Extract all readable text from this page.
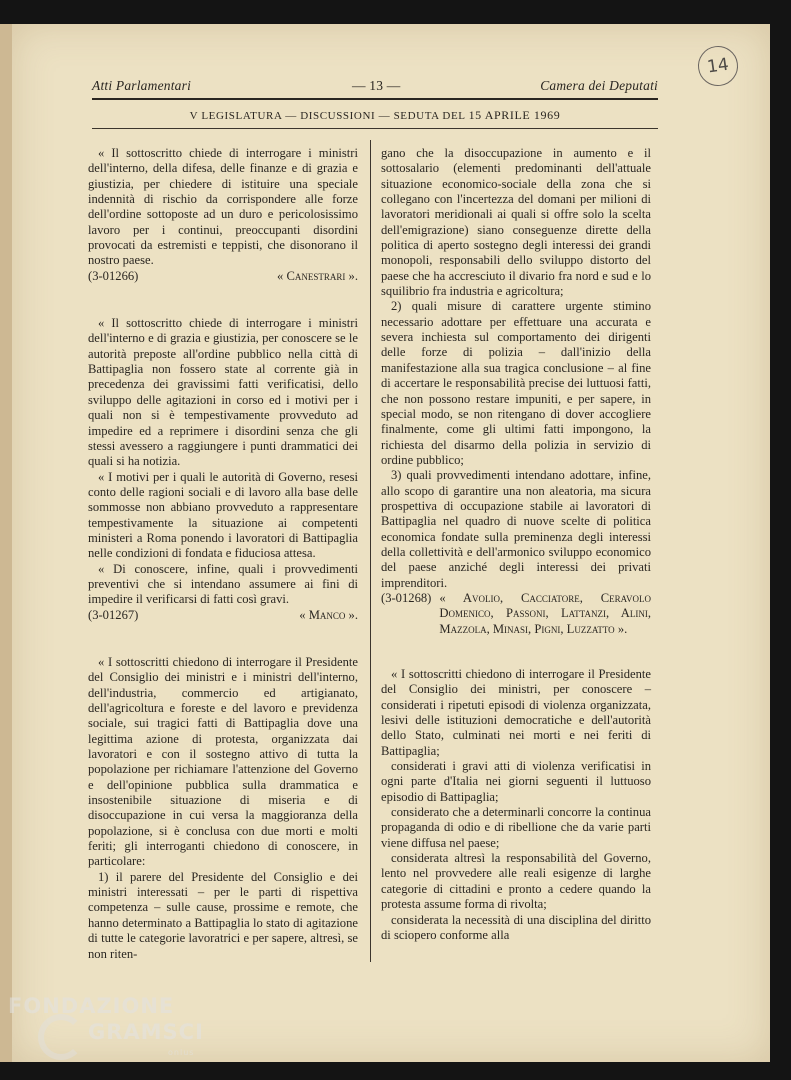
14
Atti Parlamentari	— 13 —	Camera dei Deputati
V LEGISLATURA — DISCUSSIONI — SEDUTA DEL 15 APRILE 1969

« Il sottoscritto chiede di interrogare i ministri dell'interno, della difesa, delle finanze e di grazia e giustizia, per chiedere di istituire una speciale indennità di rischio da corrispondere alle forze dell'ordine sottoposte ad un duro e pericolosissimo lavoro per i continui, preoccupanti disordini provocati da estremisti e teppisti, che disonorano il nostro paese.

(3-01266)	« Canestrari ».

« Il sottoscritto chiede di interrogare i ministri dell'interno e di grazia e giustizia, per conoscere se le autorità preposte all'ordine pubblico nella città di Battipaglia non fossero state al corrente già in precedenza dei gravissimi fatti verificatisi, dello sviluppo delle agitazioni in corso ed i motivi per i quali non si è tempestivamente provveduto ad impedire ed a reprimere i disordini senza che gli stessi avessero a raggiungere i punti drammatici dei quali si ha notizia.

« I motivi per i quali le autorità di Governo, resesi conto delle ragioni sociali e di lavoro alla base delle sommosse non abbiano provveduto a rappresentare tempestivamente la situazione ai competenti ministeri a Roma ponendo i lavoratori di Battipaglia nelle condizioni di fondata e fiduciosa attesa.

« Di conoscere, infine, quali i provvedimenti preventivi che si intendano assumere ai fini di impedire il verificarsi di fatti così gravi.

(3-01267)	« Manco ».

« I sottoscritti chiedono di interrogare il Presidente del Consiglio dei ministri e i ministri dell'interno, dell'industria, commercio ed artigianato, dell'agricoltura e foreste e del lavoro e previdenza sociale, sui tragici fatti di Battipaglia dove una legittima azione di protesta, organizzata dai lavoratori e con il sostegno attivo di tutta la popolazione per richiamare l'attenzione del Governo e dell'opinione pubblica sulla drammatica e insostenibile situazione di miseria e di disoccupazione in cui versa la maggioranza della popolazione, si è conclusa con due morti e molti feriti; gli interroganti chiedono di conoscere, in particolare:

1) il parere del Presidente del Consiglio e dei ministri interessati – per le parti di rispettiva competenza – sulle cause, prossime e remote, che hanno determinato a Battipaglia lo stato di agitazione di tutte le categorie lavoratrici e per sapere, altresì, se non riten-

gano che la disoccupazione in aumento e il sottosalario (elementi predominanti dell'attuale situazione economico-sociale della zona che si collegano con l'incertezza del domani per milioni di lavoratori meridionali ai quali si offre solo la scelta dell'emigrazione) siano conseguenze dirette della politica di aperto sostegno degli interessi dei grandi monopoli, responsabili dello sviluppo distorto del paese che ha accresciuto il divario fra nord e sud e lo squilibrio fra industria e agricoltura;

2) quali misure di carattere urgente stimino necessario adottare per effettuare una accurata e severa inchiesta sul comportamento dei dirigenti delle forze di polizia – dall'inizio della manifestazione alla sua tragica conclusione – al fine di accertare le responsabilità precise dei luttuosi fatti, che non possono restare impuniti, e per sapere, in special modo, se non ritengano di dover accogliere finalmente, come gli ultimi fatti impongono, la richiesta del disarmo della polizia in servizio di ordine pubblico;

3) quali provvedimenti intendano adottare, infine, allo scopo di garantire una non aleatoria, ma sicura prospettiva di occupazione stabile ai lavoratori di Battipaglia nel quadro di nuove scelte di politica economica fondate sulla preminenza degli interessi della collettività e dell'armonico sviluppo economico del paese anziché degli interessi dei privati imprenditori.

(3-01268) « Avolio, Cacciatore, Ceravolo Domenico, Passoni, Lattanzi, Alini, Mazzola, Minasi, Pigni, Luzzatto ».

« I sottoscritti chiedono di interrogare il Presidente del Consiglio dei ministri, per conoscere – considerati i ripetuti episodi di violenza organizzata, lesivi delle istituzioni democratiche e dell'autorità dello Stato, culminati nei morti e nei feriti di Battipaglia;

considerati i gravi atti di violenza verificatisi in ogni parte d'Italia nei giorni seguenti il luttuoso episodio di Battipaglia;

considerato che a determinarli concorre la continua propaganda di odio e di ribellione che da varie parti viene diffusa nel paese;

considerata altresì la responsabilità del Governo, lento nel provvedere alle reali esigenze di larghe categorie di cittadini e pronto a cedere quando la protesta assume forma di rivolta;

considerata la necessità di una disciplina del diritto di sciopero conforme alla

FONDAZIONE
GRAMSCI
onlus
